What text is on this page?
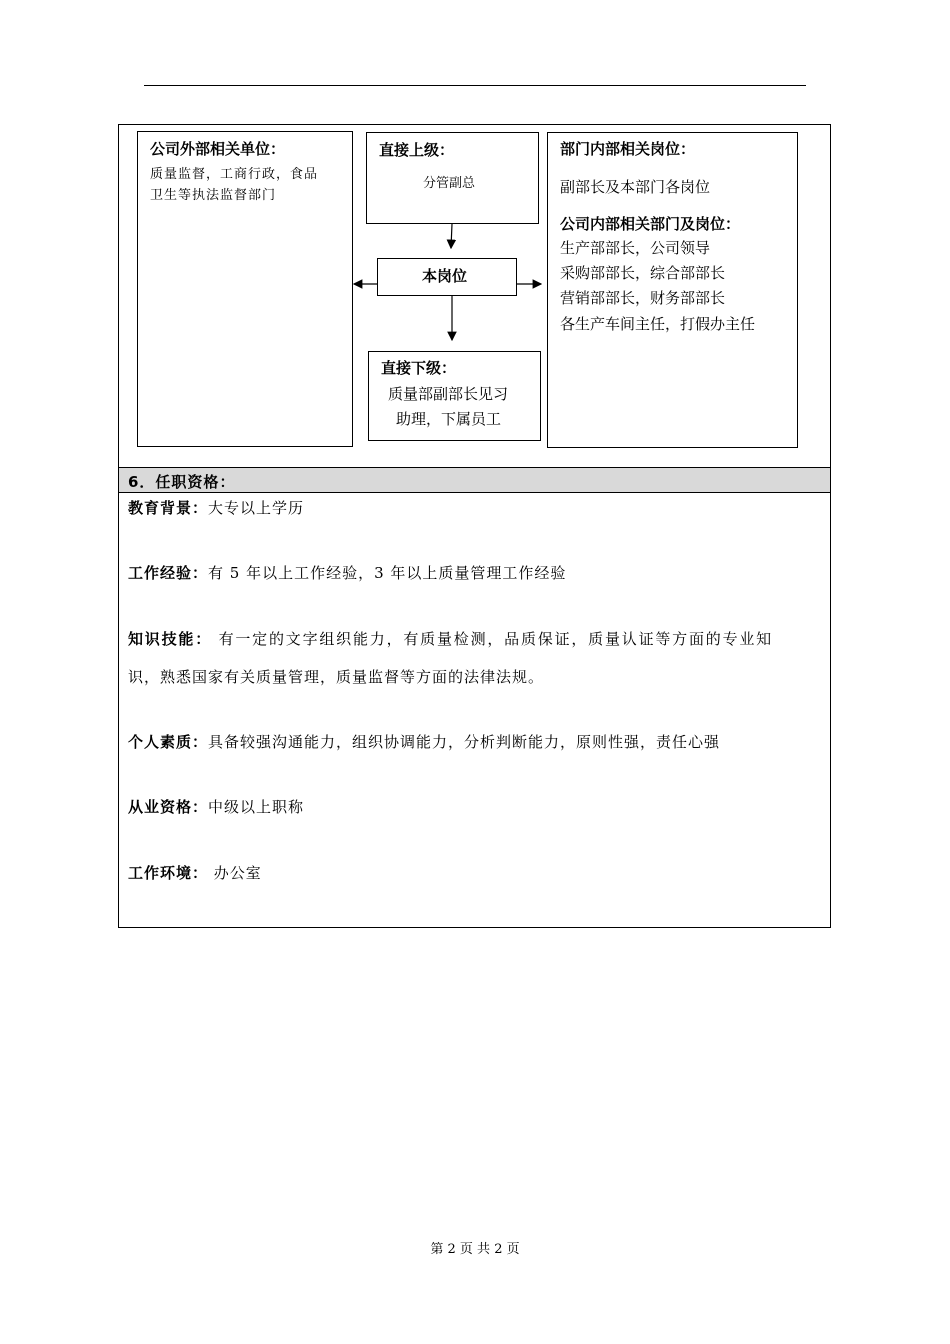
公司外部相关单位：
质量监督，工商行政，食品
卫生等执法监督部门
直接上级：
分管副总
本岗位
直接下级：
质量部副部长见习
助理，下属员工
部门内部相关岗位：
副部长及本部门各岗位
公司内部相关部门及岗位：
生产部部长，公司领导
采购部部长，综合部部长
营销部部长，财务部部长
各生产车间主任，打假办主任
6．任职资格：
教育背景：大专以上学历
工作经验：有 5 年以上工作经验，3 年以上质量管理工作经验
知识技能： 有一定的文字组织能力，有质量检测，品质保证，质量认证等方面的专业知
识，熟悉国家有关质量管理，质量监督等方面的法律法规。
个人素质：具备较强沟通能力，组织协调能力，分析判断能力，原则性强，责任心强
从业资格：中级以上职称
工作环境： 办公室
第 2 页 共 2 页
